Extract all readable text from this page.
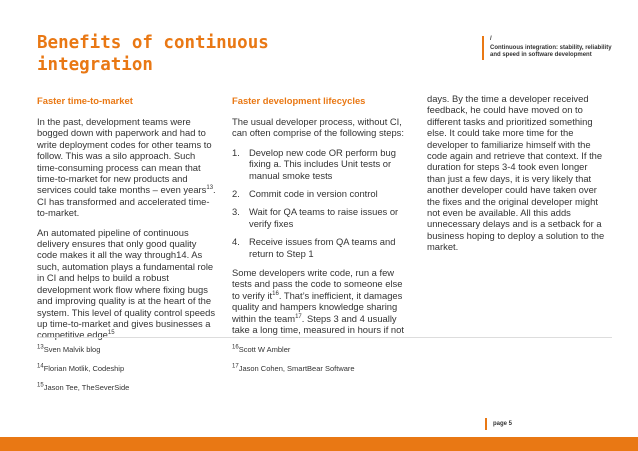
Benefits of continuous integration
/
Continuous integration: stability, reliability and speed in software development
Faster time-to-market

In the past, development teams were bogged down with paperwork and had to write deployment codes for other teams to follow. This was a silo approach. Such time-consuming process can mean that time-to-market for new products and services could take months – even years$^{13}$. CI has transformed and accelerated time-to-market.

An automated pipeline of continuous delivery ensures that only good quality code makes it all the way through14. As such, automation plays a fundamental role in CI and helps to build a robust development work flow where fixing bugs and improving quality is at the heart of the system. This level of quality control speeds up time-to-market and gives businesses a competitive edge$^{15}$.

Faster development lifecycles

The usual developer process, without CI, can often comprise of the following steps:

1. Develop new code OR perform bug fixing a. This includes Unit tests or manual smoke tests
2. Commit code in version control
3. Wait for QA teams to raise issues or verify fixes
4. Receive issues from QA teams and return to Step 1

Some developers write code, run a few tests and pass the code to someone else to verify $it^{16}$. That’s inefficient, it damages quality and hampers knowledge sharing within the team$^{17}$. Steps 3 and 4 usually take a long time, measured in hours if not

days. By the time a developer received feedback, he could have moved on to different tasks and prioritized something else. It could take more time for the developer to familiarize himself with the code again and retrieve that context. If the duration for steps 3-4 took even longer than just a few days, it is very likely that another developer could have taken over the fixes and the original developer might not even be available. All this adds unnecessary delays and is a setback for a business hoping to deploy a solution to the market.

$^{13}$Sven Malvik blog
$^{14}$Florian Motlik, Codeship
$^{15}$Jason Tee, TheSeverSide
$^{16}$Scott W Ambler
$^{17}$Jason Cohen, SmartBear Software
page 5
